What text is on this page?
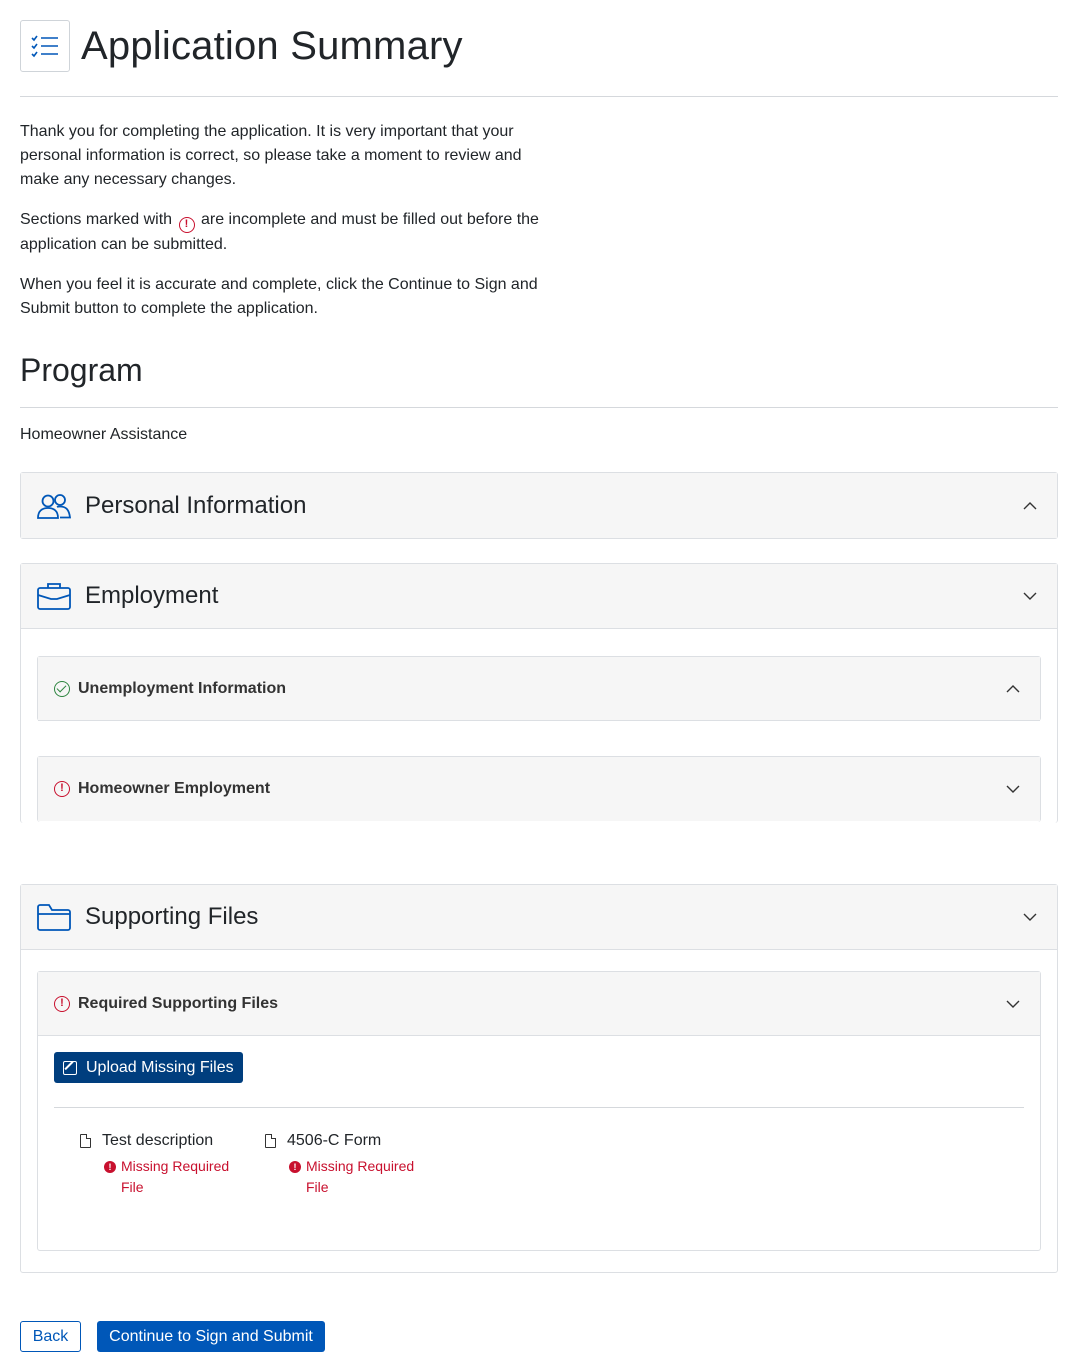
Application Summary

Thank you for completing the application. It is very important that your personal information is correct, so please take a moment to review and make any necessary changes.

Sections marked with ! are incomplete and must be filled out before the application can be submitted.

When you feel it is accurate and complete, click the Continue to Sign and Submit button to complete the application.

Program
Homeowner Assistance
Personal Information
Employment
Unemployment Information
! Homeowner Employment
Supporting Files
! Required Supporting Files
Upload Missing Files
Test description
! Missing Required File
4506-C Form
! Missing Required File
Back	Continue to Sign and Submit
